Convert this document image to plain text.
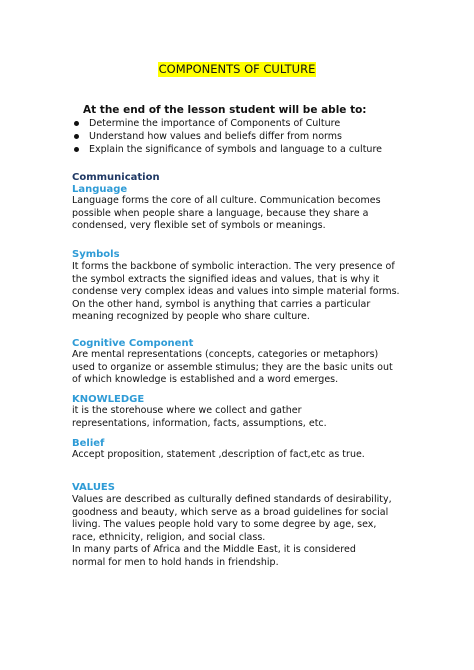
COMPONENTS OF CULTURE
At the end of the lesson student will be able to:
Determine the importance of Components of Culture
Understand how values and beliefs differ from norms
Explain the significance of symbols and language to a culture
Communication
Language
Language forms the core of all culture. Communication becomes
possible when people share a language, because they share a
condensed, very flexible set of symbols or meanings.
Symbols
It forms the backbone of symbolic interaction. The very presence of
the symbol extracts the signified ideas and values, that is why it
condense very complex ideas and values into simple material forms.
On the other hand, symbol is anything that carries a particular
meaning recognized by people who share culture.
Cognitive Component
Are mental representations (concepts, categories or metaphors)
used to organize or assemble stimulus; they are the basic units out
of which knowledge is established and a word emerges.
KNOWLEDGE
it is the storehouse where we collect and gather
representations, information, facts, assumptions, etc.
Belief
Accept proposition, statement ,description of fact,etc as true.
VALUES
Values are described as culturally defined standards of desirability,
goodness and beauty, which serve as a broad guidelines for social
living. The values people hold vary to some degree by age, sex,
race, ethnicity, religion, and social class.
In many parts of Africa and the Middle East, it is considered
normal for men to hold hands in friendship.
